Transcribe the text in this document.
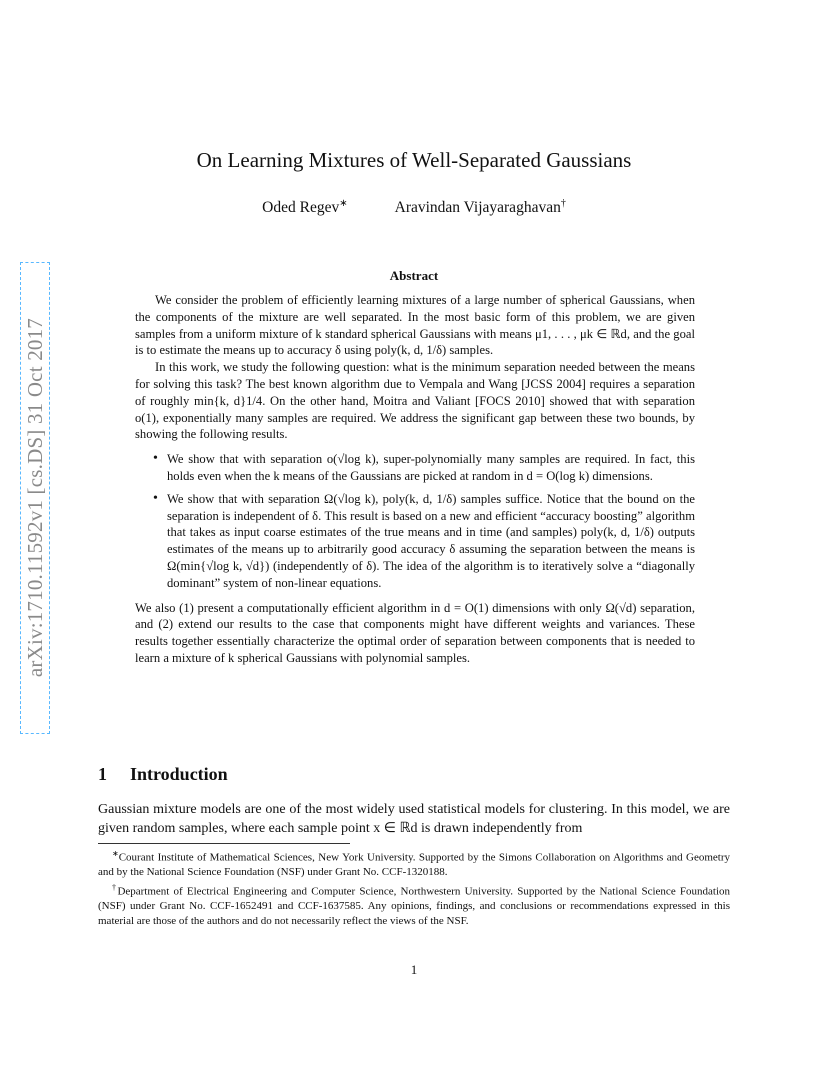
arXiv:1710.11592v1 [cs.DS] 31 Oct 2017
On Learning Mixtures of Well-Separated Gaussians
Oded Regev∗	Aravindan Vijayaraghavan†
Abstract

We consider the problem of efficiently learning mixtures of a large number of spherical Gaussians, when the components of the mixture are well separated. In the most basic form of this problem, we are given samples from a uniform mixture of k standard spherical Gaussians with means μ1, . . . , μk ∈ ℝd, and the goal is to estimate the means up to accuracy δ using poly(k, d, 1/δ) samples.

In this work, we study the following question: what is the minimum separation needed between the means for solving this task? The best known algorithm due to Vempala and Wang [JCSS 2004] requires a separation of roughly min{k, d}1/4. On the other hand, Moitra and Valiant [FOCS 2010] showed that with separation o(1), exponentially many samples are required. We address the significant gap between these two bounds, by showing the following results.

• We show that with separation o(√log k), super-polynomially many samples are required. In fact, this holds even when the k means of the Gaussians are picked at random in d = O(log k) dimensions.
• We show that with separation Ω(√log k), poly(k, d, 1/δ) samples suffice. Notice that the bound on the separation is independent of δ. This result is based on a new and efficient “accuracy boosting” algorithm that takes as input coarse estimates of the true means and in time (and samples) poly(k, d, 1/δ) outputs estimates of the means up to arbitrarily good accuracy δ assuming the separation between the means is Ω(min{√log k, √d}) (independently of δ). The idea of the algorithm is to iteratively solve a “diagonally dominant” system of non-linear equations.

We also (1) present a computationally efficient algorithm in d = O(1) dimensions with only Ω(√d) separation, and (2) extend our results to the case that components might have different weights and variances. These results together essentially characterize the optimal order of separation between components that is needed to learn a mixture of k spherical Gaussians with polynomial samples.

1 Introduction

Gaussian mixture models are one of the most widely used statistical models for clustering. In this model, we are given random samples, where each sample point x ∈ ℝd is drawn independently from

∗Courant Institute of Mathematical Sciences, New York University. Supported by the Simons Collaboration on Algorithms and Geometry and by the National Science Foundation (NSF) under Grant No. CCF-1320188.

†Department of Electrical Engineering and Computer Science, Northwestern University. Supported by the National Science Foundation (NSF) under Grant No. CCF-1652491 and CCF-1637585. Any opinions, findings, and conclusions or recommendations expressed in this material are those of the authors and do not necessarily reflect the views of the NSF.

1
